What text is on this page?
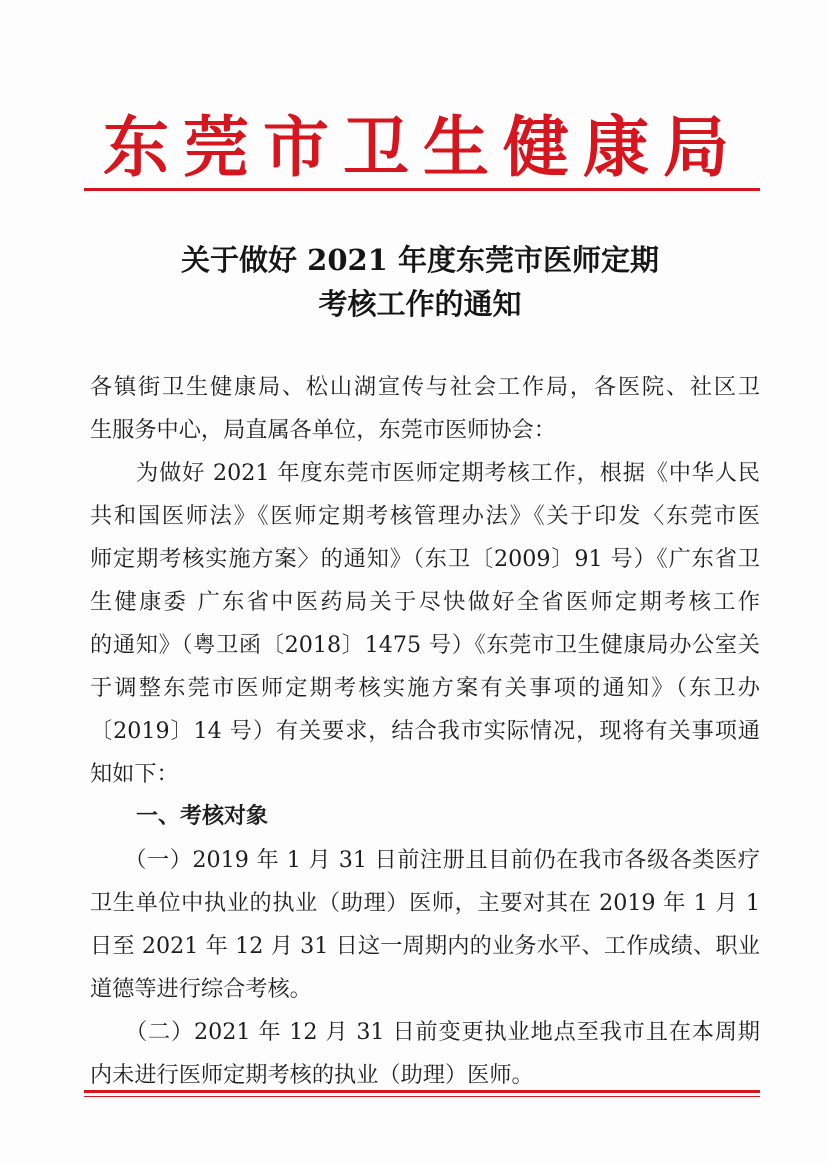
东莞市卫生健康局
关于做好 2021 年度东莞市医师定期
考核工作的通知
各镇街卫生健康局、松山湖宣传与社会工作局，各医院、社区卫
生服务中心，局直属各单位，东莞市医师协会：
　　为做好 2021 年度东莞市医师定期考核工作，根据《中华人民
共和国医师法》《医师定期考核管理办法》《关于印发〈东莞市医
师定期考核实施方案〉的通知》（东卫〔2009〕91 号）《广东省卫
生健康委 广东省中医药局关于尽快做好全省医师定期考核工作
的通知》（粤卫函〔2018〕1475 号）《东莞市卫生健康局办公室关
于调整东莞市医师定期考核实施方案有关事项的通知》（东卫办
〔2019〕14 号）有关要求，结合我市实际情况，现将有关事项通
知如下：
一、考核对象
　　（一）2019 年 1 月 31 日前注册且目前仍在我市各级各类医疗
卫生单位中执业的执业（助理）医师，主要对其在 2019 年 1 月 1
日至 2021 年 12 月 31 日这一周期内的业务水平、工作成绩、职业
道德等进行综合考核。
　　（二）2021 年 12 月 31 日前变更执业地点至我市且在本周期
内未进行医师定期考核的执业（助理）医师。
